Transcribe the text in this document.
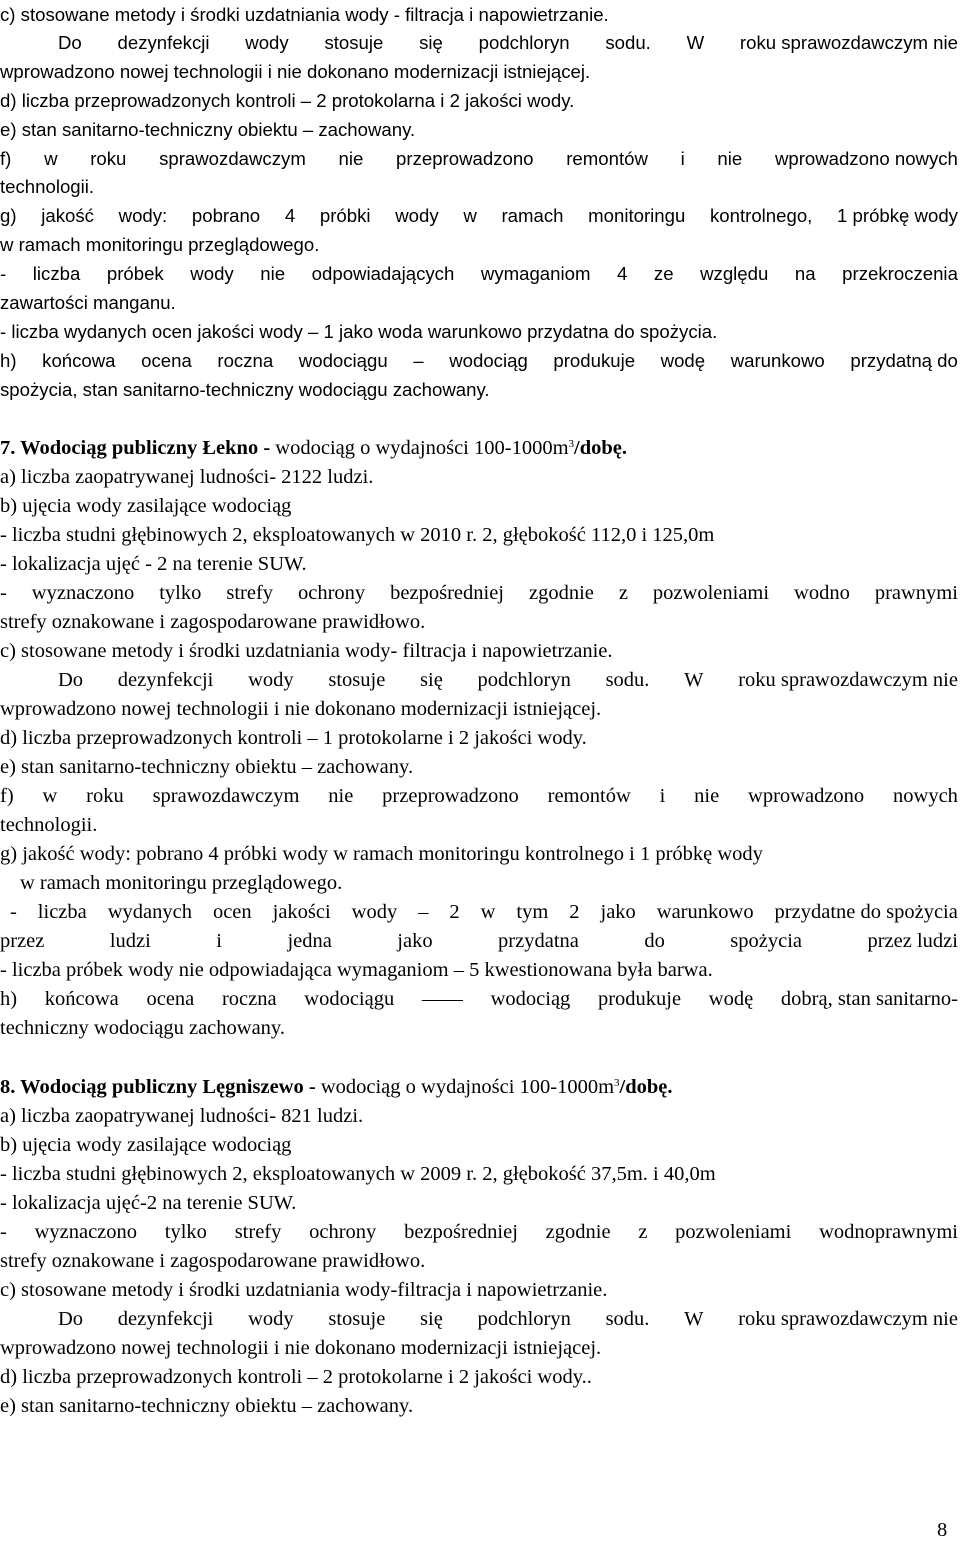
c) stosowane metody i środki uzdatniania wody - filtracja i napowietrzanie.
Do dezynfekcji wody stosuje się podchloryn sodu. W roku sprawozdawczym nie
wprowadzono nowej technologii i nie dokonano modernizacji istniejącej.
d) liczba przeprowadzonych kontroli – 2 protokolarna i 2 jakości wody.
e) stan sanitarno-techniczny obiektu – zachowany.
f) w roku sprawozdawczym nie przeprowadzono remontów i nie wprowadzono nowych
technologii.
g) jakość wody: pobrano 4 próbki wody w ramach monitoringu kontrolnego, 1 próbkę wody
w ramach monitoringu przeglądowego.
- liczba próbek wody nie odpowiadających wymaganiom 4 ze względu na przekroczenia
zawartości manganu.
- liczba wydanych ocen jakości wody – 1 jako woda warunkowo przydatna do spożycia.
h) końcowa ocena roczna wodociągu – wodociąg produkuje wodę warunkowo przydatną do
spożycia, stan sanitarno-techniczny wodociągu zachowany.
7. Wodociąg publiczny Łekno - wodociąg o wydajności $100-1000m^3$/dobę.
a) liczba zaopatrywanej ludności- 2122 ludzi.
b) ujęcia wody zasilające wodociąg
- liczba studni głębinowych 2, eksploatowanych w 2010 r. 2, głębokość 112,0 i 125,0m
- lokalizacja ujęć - 2 na terenie SUW.
- wyznaczono tylko strefy ochrony bezpośredniej zgodnie z pozwoleniami wodno prawnymi
strefy oznakowane i zagospodarowane prawidłowo.
c) stosowane metody i środki uzdatniania wody- filtracja i napowietrzanie.
Do dezynfekcji wody stosuje się podchloryn sodu. W roku sprawozdawczym nie
wprowadzono nowej technologii i nie dokonano modernizacji istniejącej.
d) liczba przeprowadzonych kontroli – 1 protokolarne i 2 jakości wody.
e) stan sanitarno-techniczny obiektu – zachowany.
f) w roku sprawozdawczym nie przeprowadzono remontów i nie wprowadzono nowych
technologii.
g) jakość wody: pobrano 4 próbki wody w ramach monitoringu kontrolnego i 1 próbkę wody
w ramach monitoringu przeglądowego.
- liczba wydanych ocen jakości wody – 2 w tym 2 jako warunkowo przydatne do spożycia
przez	ludzi	i	jedna	jako	przydatna	do	spożycia	przez ludzi
- liczba próbek wody nie odpowiadająca wymaganiom – 5 kwestionowana była barwa.
h) końcowa ocena roczna wodociągu —— wodociąg produkuje wodę dobrą, stan sanitarno-
techniczny wodociągu zachowany.
8. Wodociąg publiczny Lęgniszewo - wodociąg o wydajności $100-1000m^3$/dobę.
a) liczba zaopatrywanej ludności- 821 ludzi.
b) ujęcia wody zasilające wodociąg
- liczba studni głębinowych 2, eksploatowanych w 2009 r. 2, głębokość 37,5m. i 40,0m
- lokalizacja ujęć-2 na terenie SUW.
- wyznaczono tylko strefy ochrony bezpośredniej zgodnie z pozwoleniami wodnoprawnymi
strefy oznakowane i zagospodarowane prawidłowo.
c) stosowane metody i środki uzdatniania wody-filtracja i napowietrzanie.
Do dezynfekcji wody stosuje się podchloryn sodu. W roku sprawozdawczym nie
wprowadzono nowej technologii i nie dokonano modernizacji istniejącej.
d) liczba przeprowadzonych kontroli – 2 protokolarne i 2 jakości wody..
e) stan sanitarno-techniczny obiektu – zachowany.
8
